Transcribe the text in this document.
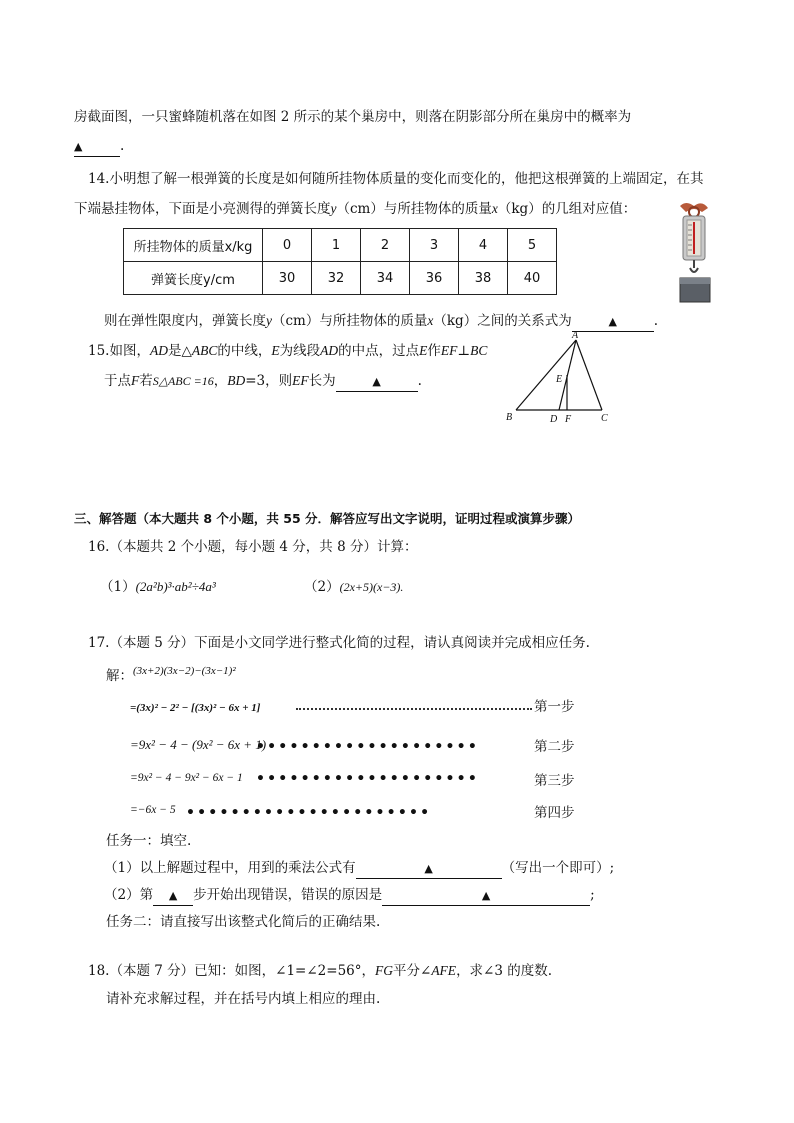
房截面图，一只蜜蜂随机落在如图 2 所示的某个巢房中，则落在阴影部分所在巢房中的概率为
▲	.
14.小明想了解一根弹簧的长度是如何随所挂物体质量的变化而变化的，他把这根弹簧的上端固定，在其
下端悬挂物体，下面是小亮测得的弹簧长度y（cm）与所挂物体的质量x（kg）的几组对应值：
所挂物体的质量x/kg	0	1	2	3	4	5
弹簧长度y/cm	30	32	34	36	38	40
则在弹性限度内，弹簧长度y（cm）与所挂物体的质量x（kg）之间的关系式为	▲	.
15.如图，AD是△ABC的中线，E为线段AD的中点，过点E作EF⊥BC
于点F若S△ABC =16，BD=3，则EF长为	▲	.
A
B	C
D
E
F
三、解答题（本大题共 8 个小题，共 55 分．解答应写出文字说明，证明过程或演算步骤）
16.（本题共 2 个小题，每小题 4 分，共 8 分）计算：
（1）(2a²b)³·ab²÷4a³	（2）(2x+5)(x−3).
17.（本题 5 分）下面是小文同学进行整式化简的过程，请认真阅读并完成相应任务.
解：$^{(3x+2)(3x-2)-(3x-1)^2}$
=(3x)² − 2² − [(3x)² − 6x + 1]	第一步
=9x² − 4 − (9x² − 6x + 1)
••••••••••••••••••••	第二步
=9x² − 4 − 9x² − 6x − 1 ••••••••••••••••••••	第三步
=−6x − 5 ••••••••••••••••••••••	第四步
任务一：填空.
（1）以上解题过程中，用到的乘法公式有	▲	（写出一个即可）;
（2）第 ▲ 步开始出现错误，错误的原因是	▲	;
任务二：请直接写出该整式化简后的正确结果.
18.（本题 7 分）已知：如图，∠1=∠2=56°，FG平分∠AFE，求∠3 的度数.
请补充求解过程，并在括号内填上相应的理由.
